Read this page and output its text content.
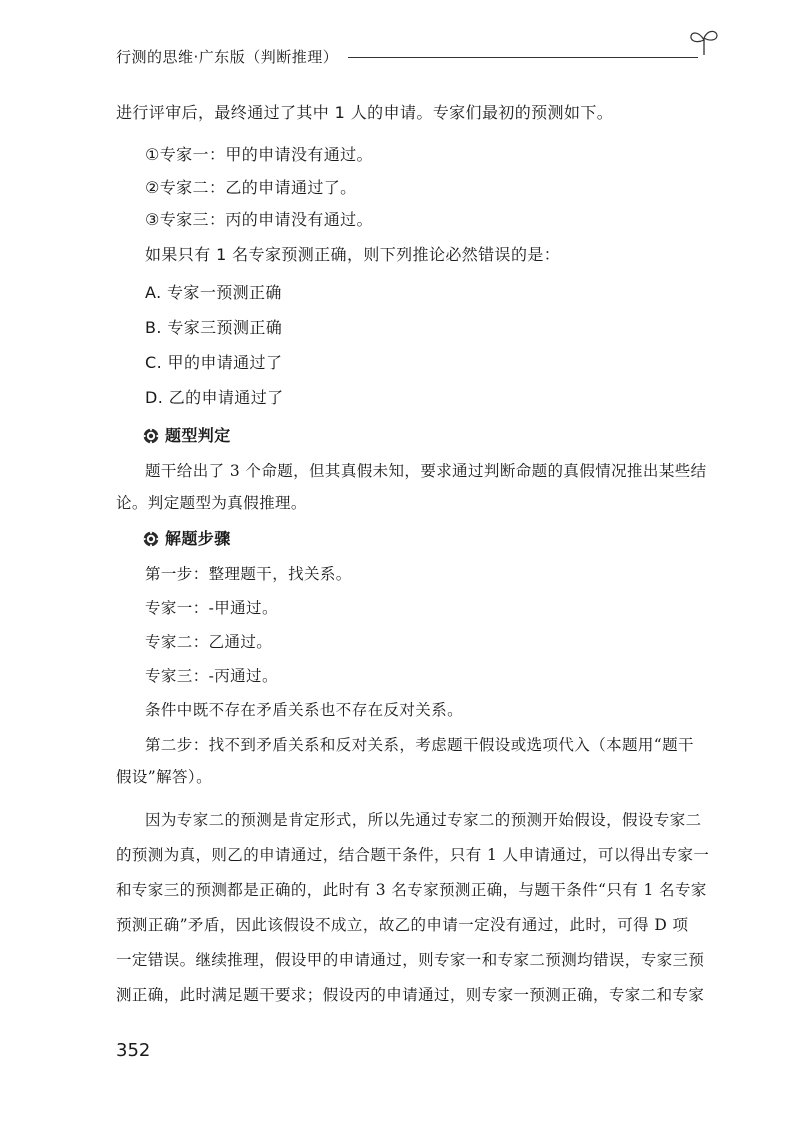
行测的思维·广东版（判断推理）
进行评审后，最终通过了其中 1 人的申请。专家们最初的预测如下。
①专家一：甲的申请没有通过。
②专家二：乙的申请通过了。
③专家三：丙的申请没有通过。
如果只有 1 名专家预测正确，则下列推论必然错误的是：
A. 专家一预测正确
B. 专家三预测正确
C. 甲的申请通过了
D. 乙的申请通过了
题型判定
题干给出了 3 个命题，但其真假未知，要求通过判断命题的真假情况推出某些结
论。判定题型为真假推理。
解题步骤
第一步：整理题干，找关系。
专家一：-甲通过。
专家二：乙通过。
专家三：-丙通过。
条件中既不存在矛盾关系也不存在反对关系。
第二步：找不到矛盾关系和反对关系，考虑题干假设或选项代入（本题用“题干
假设”解答）。
因为专家二的预测是肯定形式，所以先通过专家二的预测开始假设，假设专家二
的预测为真，则乙的申请通过，结合题干条件，只有 1 人申请通过，可以得出专家一
和专家三的预测都是正确的，此时有 3 名专家预测正确，与题干条件“只有 1 名专家
预测正确”矛盾，因此该假设不成立，故乙的申请一定没有通过，此时，可得 D 项
一定错误。继续推理，假设甲的申请通过，则专家一和专家二预测均错误，专家三预
测正确，此时满足题干要求；假设丙的申请通过，则专家一预测正确，专家二和专家
352
